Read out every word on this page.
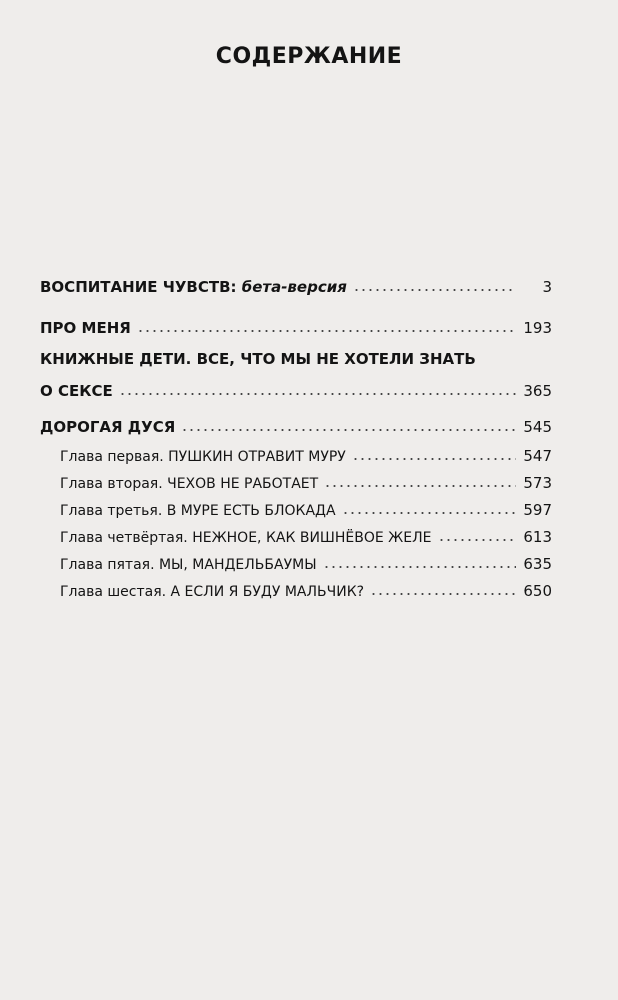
СОДЕРЖАНИЕ
ВОСПИТАНИЕ ЧУВСТВ: бета-версия	3
ПРО МЕНЯ	193
КНИЖНЫЕ ДЕТИ. ВСЕ, ЧТО МЫ НЕ ХОТЕЛИ ЗНАТЬ
О СЕКСЕ	365
ДОРОГАЯ ДУСЯ	545
Глава первая. ПУШКИН ОТРАВИТ МУРУ	547
Глава вторая. ЧЕХОВ НЕ РАБОТАЕТ	573
Глава третья. В МУРЕ ЕСТЬ БЛОКАДА	597
Глава четвёртая. НЕЖНОЕ, КАК ВИШНЁВОЕ ЖЕЛЕ	613
Глава пятая. МЫ, МАНДЕЛЬБАУМЫ	635
Глава шестая. А ЕСЛИ Я БУДУ МАЛЬЧИК?	650
